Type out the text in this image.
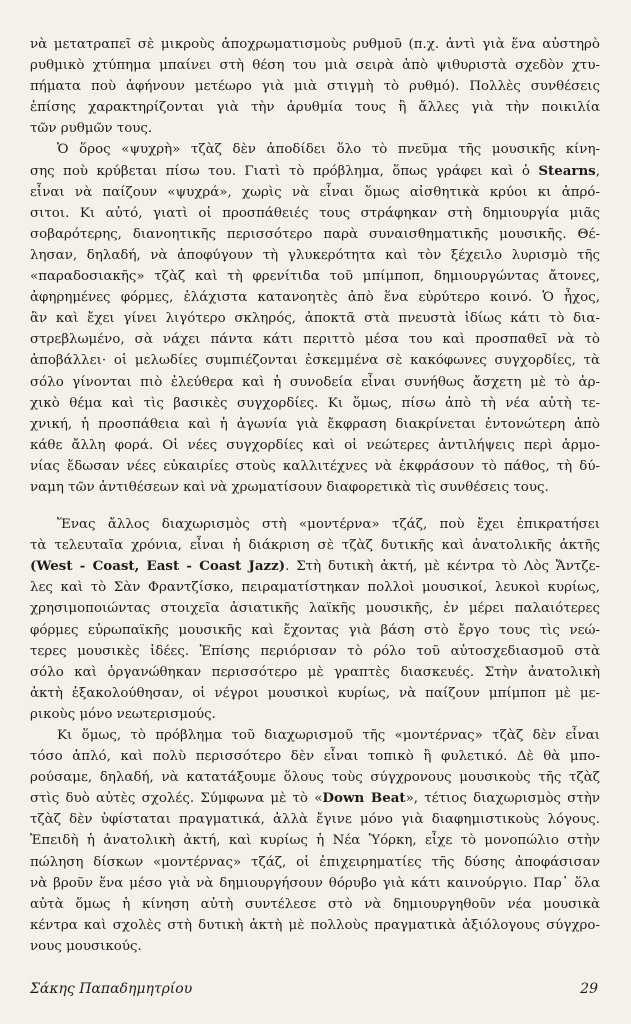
νὰ μετατραπεῖ σὲ μικροὺς ἀποχρωματισμοὺς ρυθμοῦ (π.χ. ἀντὶ γιὰ ἕνα αὐστηρὸ
ρυθμικὸ χτύπημα μπαίνει στὴ θέση του μιὰ σειρὰ ἀπὸ ψιθυριστὰ σχεδὸν χτυ-
πήματα ποὺ ἀφήνουν μετέωρο γιὰ μιὰ στιγμὴ τὸ ρυθμό). Πολλὲς συνθέσεις
ἐπίσης χαρακτηρίζονται γιὰ τὴν ἀρυθμία τους ἢ ἄλλες γιὰ τὴν ποικιλία
τῶν ρυθμῶν τους.
Ὁ ὅρος «ψυχρὴ» τζὰζ δὲν ἀποδίδει ὅλο τὸ πνεῦμα τῆς μουσικῆς κίνη-
σης ποὺ κρύβεται πίσω του. Γιατὶ τὸ πρόβλημα, ὅπως γράφει καὶ ὁ Stearns,
εἶναι νὰ παίζουν «ψυχρά», χωρὶς νὰ εἶναι ὅμως αἰσθητικὰ κρύοι κι ἀπρό-
σιτοι. Κι αὐτό, γιατὶ οἱ προσπάθειές τους στράφηκαν στὴ δημιουργία μιᾶς
σοβαρότερης, διανοητικῆς περισσότερο παρὰ συναισθηματικῆς μουσικῆς. Θέ-
λησαν, δηλαδή, νὰ ἀποφύγουν τὴ γλυκερότητα καὶ τὸν ξέχειλο λυρισμὸ τῆς
«παραδοσιακῆς» τζὰζ καὶ τὴ φρενίτιδα τοῦ μπίμποπ, δημιουργώντας ἄτονες,
ἀφηρημένες φόρμες, ἐλάχιστα κατανοητὲς ἀπὸ ἕνα εὐρύτερο κοινό. Ὁ ἦχος,
ἂν καὶ ἔχει γίνει λιγότερο σκληρός, ἀποκτᾶ στὰ πνευστὰ ἰδίως κάτι τὸ δια-
στρεβλωμένο, σὰ νάχει πάντα κάτι περιττὸ μέσα του καὶ προσπαθεῖ νὰ τὸ
ἀποβάλλει· οἱ μελωδίες συμπιέζονται ἐσκεμμένα σὲ κακόφωνες συγχορδίες, τὰ
σόλο γίνονται πιὸ ἐλεύθερα καὶ ἡ συνοδεία εἶναι συνήθως ἄσχετη μὲ τὸ ἀρ-
χικὸ θέμα καὶ τὶς βασικὲς συγχορδίες. Κι ὅμως, πίσω ἀπὸ τὴ νέα αὐτὴ τε-
χνική, ἡ προσπάθεια καὶ ἡ ἀγωνία γιὰ ἔκφραση διακρίνεται ἐντονώτερη ἀπὸ
κάθε ἄλλη φορά. Οἱ νέες συγχορδίες καὶ οἱ νεώτερες ἀντιλήψεις περὶ ἁρμο-
νίας ἔδωσαν νέες εὐκαιρίες στοὺς καλλιτέχνες νὰ ἐκφράσουν τὸ πάθος, τὴ δύ-
ναμη τῶν ἀντιθέσεων καὶ νὰ χρωματίσουν διαφορετικὰ τὶς συνθέσεις τους.
Ἕνας ἄλλος διαχωρισμὸς στὴ «μοντέρνα» τζάζ, ποὺ ἔχει ἐπικρατήσει
τὰ τελευταῖα χρόνια, εἶναι ἡ διάκριση σὲ τζὰζ δυτικῆς καὶ ἀνατολικῆς ἀκτῆς
(West - Coast, East - Coast Jazz). Στὴ δυτικὴ ἀκτή, μὲ κέντρα τὸ Λὸς Ἄντζε-
λες καὶ τὸ Σὰν Φραντζίσκο, πειραματίστηκαν πολλοὶ μουσικοί, λευκοὶ κυρίως,
χρησιμοποιώντας στοιχεῖα ἀσιατικῆς λαϊκῆς μουσικῆς, ἐν μέρει παλαιότερες
φόρμες εὐρωπαϊκῆς μουσικῆς καὶ ἔχοντας γιὰ βάση στὸ ἔργο τους τὶς νεώ-
τερες μουσικὲς ἰδέες. Ἐπίσης περιόρισαν τὸ ρόλο τοῦ αὐτοσχεδιασμοῦ στὰ
σόλο καὶ ὀργανώθηκαν περισσότερο μὲ γραπτὲς διασκευές. Στὴν ἀνατολικὴ
ἀκτὴ ἐξακολούθησαν, οἱ νέγροι μουσικοὶ κυρίως, νὰ παίζουν μπίμποπ μὲ με-
ρικοὺς μόνο νεωτερισμούς.
Κι ὅμως, τὸ πρόβλημα τοῦ διαχωρισμοῦ τῆς «μοντέρνας» τζὰζ δὲν εἶναι
τόσο ἁπλό, καὶ πολὺ περισσότερο δὲν εἶναι τοπικὸ ἢ φυλετικό. Δὲ θὰ μπο-
ρούσαμε, δηλαδή, νὰ κατατάξουμε ὅλους τοὺς σύγχρονους μουσικοὺς τῆς τζὰζ
στὶς δυὸ αὐτὲς σχολές. Σύμφωνα μὲ τὸ «Down Beat», τέτιος διαχωρισμὸς στὴν
τζὰζ δὲν ὑφίσταται πραγματικά, ἀλλὰ ἔγινε μόνο γιὰ διαφημιστικοὺς λόγους.
Ἐπειδὴ ἡ ἀνατολικὴ ἀκτή, καὶ κυρίως ἡ Νέα Ὑόρκη, εἶχε τὸ μονοπώλιο στὴν
πώληση δίσκων «μοντέρνας» τζάζ, οἱ ἐπιχειρηματίες τῆς δύσης ἀποφάσισαν
νὰ βροῦν ἕνα μέσο γιὰ νὰ δημιουργήσουν θόρυβο γιὰ κάτι καινούργιο. Παρ᾽ ὅλα
αὐτὰ ὅμως ἡ κίνηση αὐτὴ συντέλεσε στὸ νὰ δημιουργηθοῦν νέα μουσικὰ
κέντρα καὶ σχολὲς στὴ δυτικὴ ἀκτὴ μὲ πολλοὺς πραγματικὰ ἀξιόλογους σύγχρο-
νους μουσικούς.
Σάκης Παπαδημητρίου	29
